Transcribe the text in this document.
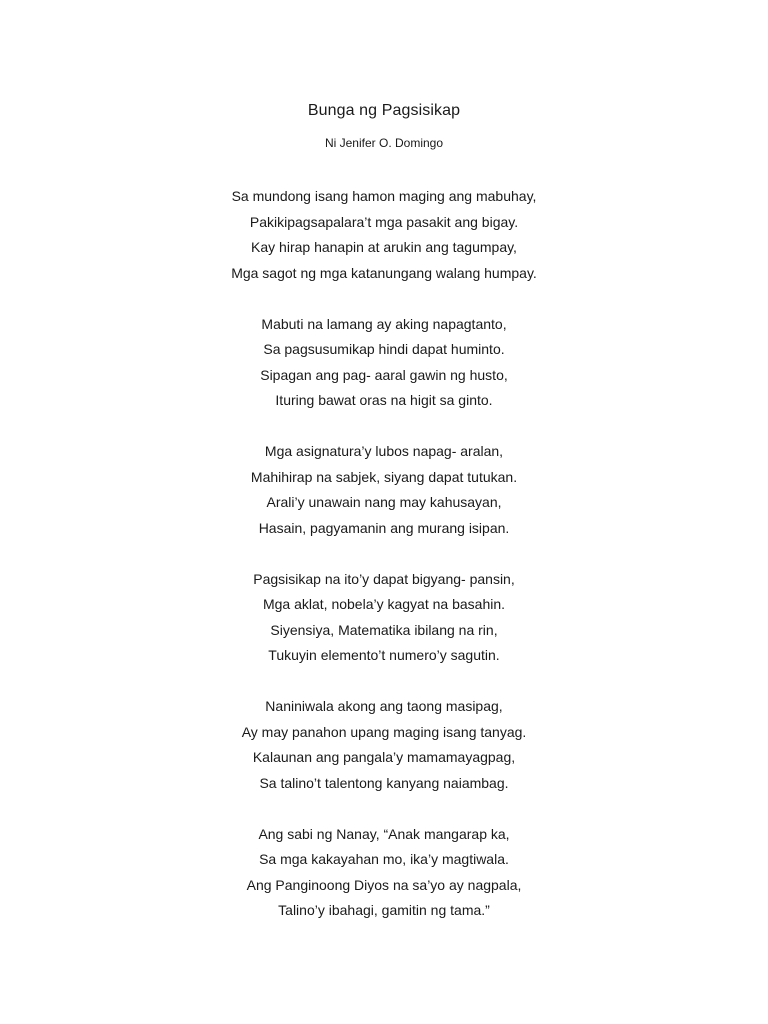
Bunga ng Pagsisikap
Ni Jenifer O. Domingo
Sa mundong isang hamon maging ang mabuhay,
Pakikipagsapalara’t mga pasakit ang bigay.
Kay hirap hanapin at arukin ang tagumpay,
Mga sagot ng mga katanungang walang humpay.
Mabuti na lamang ay aking napagtanto,
Sa pagsusumikap hindi dapat huminto.
Sipagan ang pag- aaral gawin ng husto,
Ituring bawat oras na higit sa ginto.
Mga asignatura’y lubos napag- aralan,
Mahihirap na sabjek, siyang dapat tutukan.
Arali’y unawain nang may kahusayan,
Hasain, pagyamanin ang murang isipan.
Pagsisikap na ito’y dapat bigyang- pansin,
Mga aklat, nobela’y kagyat na basahin.
Siyensiya, Matematika ibilang na rin,
Tukuyin elemento’t numero’y sagutin.
Naniniwala akong ang taong masipag,
Ay may panahon upang maging isang tanyag.
Kalaunan ang pangala’y mamamayagpag,
Sa talino’t talentong kanyang naiambag.
Ang sabi ng Nanay, “Anak mangarap ka,
Sa mga kakayahan mo, ika’y magtiwala.
Ang Panginoong Diyos na sa’yo ay nagpala,
Talino’y ibahagi, gamitin ng tama.”
